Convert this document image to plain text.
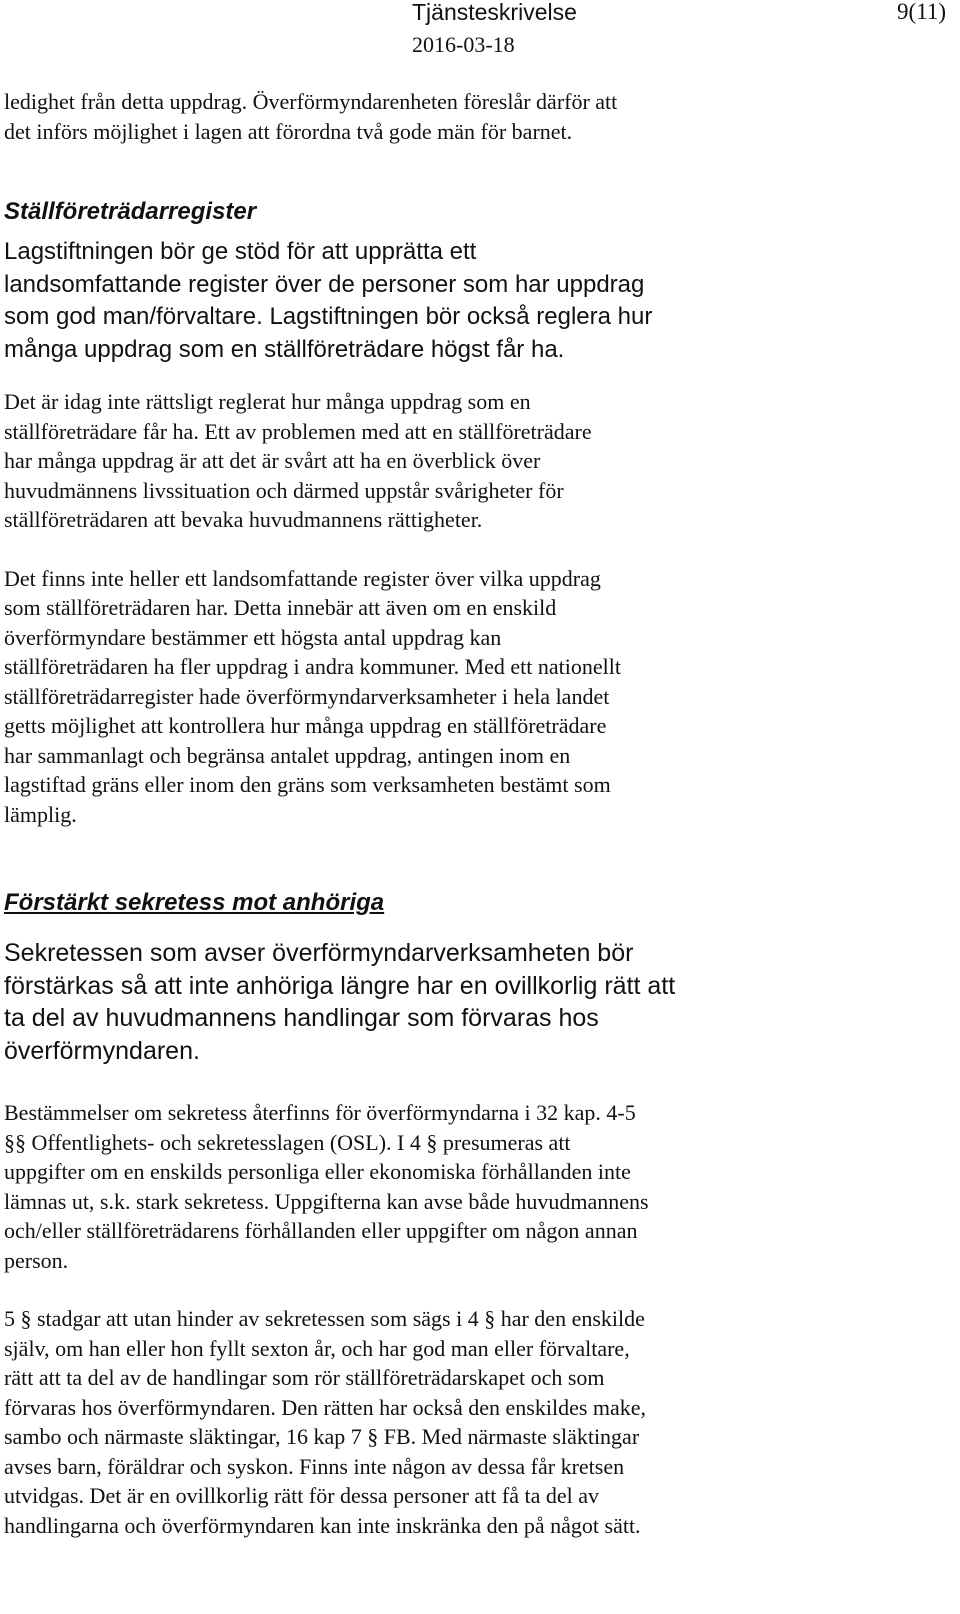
Tjänsteskrivelse	9(11)
2016-03-18

ledighet från detta uppdrag. Överförmyndarenheten föreslår därför att
det införs möjlighet i lagen att förordna två gode män för barnet.

Ställföreträdarregister

Lagstiftningen bör ge stöd för att upprätta ett
landsomfattande register över de personer som har uppdrag
som god man/förvaltare. Lagstiftningen bör också reglera hur
många uppdrag som en ställföreträdare högst får ha.

Det är idag inte rättsligt reglerat hur många uppdrag som en
ställföreträdare får ha. Ett av problemen med att en ställföreträdare
har många uppdrag är att det är svårt att ha en överblick över
huvudmännens livssituation och därmed uppstår svårigheter för
ställföreträdaren att bevaka huvudmannens rättigheter.

Det finns inte heller ett landsomfattande register över vilka uppdrag
som ställföreträdaren har. Detta innebär att även om en enskild
överförmyndare bestämmer ett högsta antal uppdrag kan
ställföreträdaren ha fler uppdrag i andra kommuner. Med ett nationellt
ställföreträdarregister hade överförmyndarverksamheter i hela landet
getts möjlighet att kontrollera hur många uppdrag en ställföreträdare
har sammanlagt och begränsa antalet uppdrag, antingen inom en
lagstiftad gräns eller inom den gräns som verksamheten bestämt som
lämplig.

Förstärkt sekretess mot anhöriga

Sekretessen som avser överförmyndarverksamheten bör
förstärkas så att inte anhöriga längre har en ovillkorlig rätt att
ta del av huvudmannens handlingar som förvaras hos
överförmyndaren.

Bestämmelser om sekretess återfinns för överförmyndarna i 32 kap. 4-5
§§ Offentlighets- och sekretesslagen (OSL). I 4 § presumeras att
uppgifter om en enskilds personliga eller ekonomiska förhållanden inte
lämnas ut, s.k. stark sekretess. Uppgifterna kan avse både huvudmannens
och/eller ställföreträdarens förhållanden eller uppgifter om någon annan
person.

5 § stadgar att utan hinder av sekretessen som sägs i 4 § har den enskilde
själv, om han eller hon fyllt sexton år, och har god man eller förvaltare,
rätt att ta del av de handlingar som rör ställföreträdarskapet och som
förvaras hos överförmyndaren. Den rätten har också den enskildes make,
sambo och närmaste släktingar, 16 kap 7 § FB. Med närmaste släktingar
avses barn, föräldrar och syskon. Finns inte någon av dessa får kretsen
utvidgas. Det är en ovillkorlig rätt för dessa personer att få ta del av
handlingarna och överförmyndaren kan inte inskränka den på något sätt.
